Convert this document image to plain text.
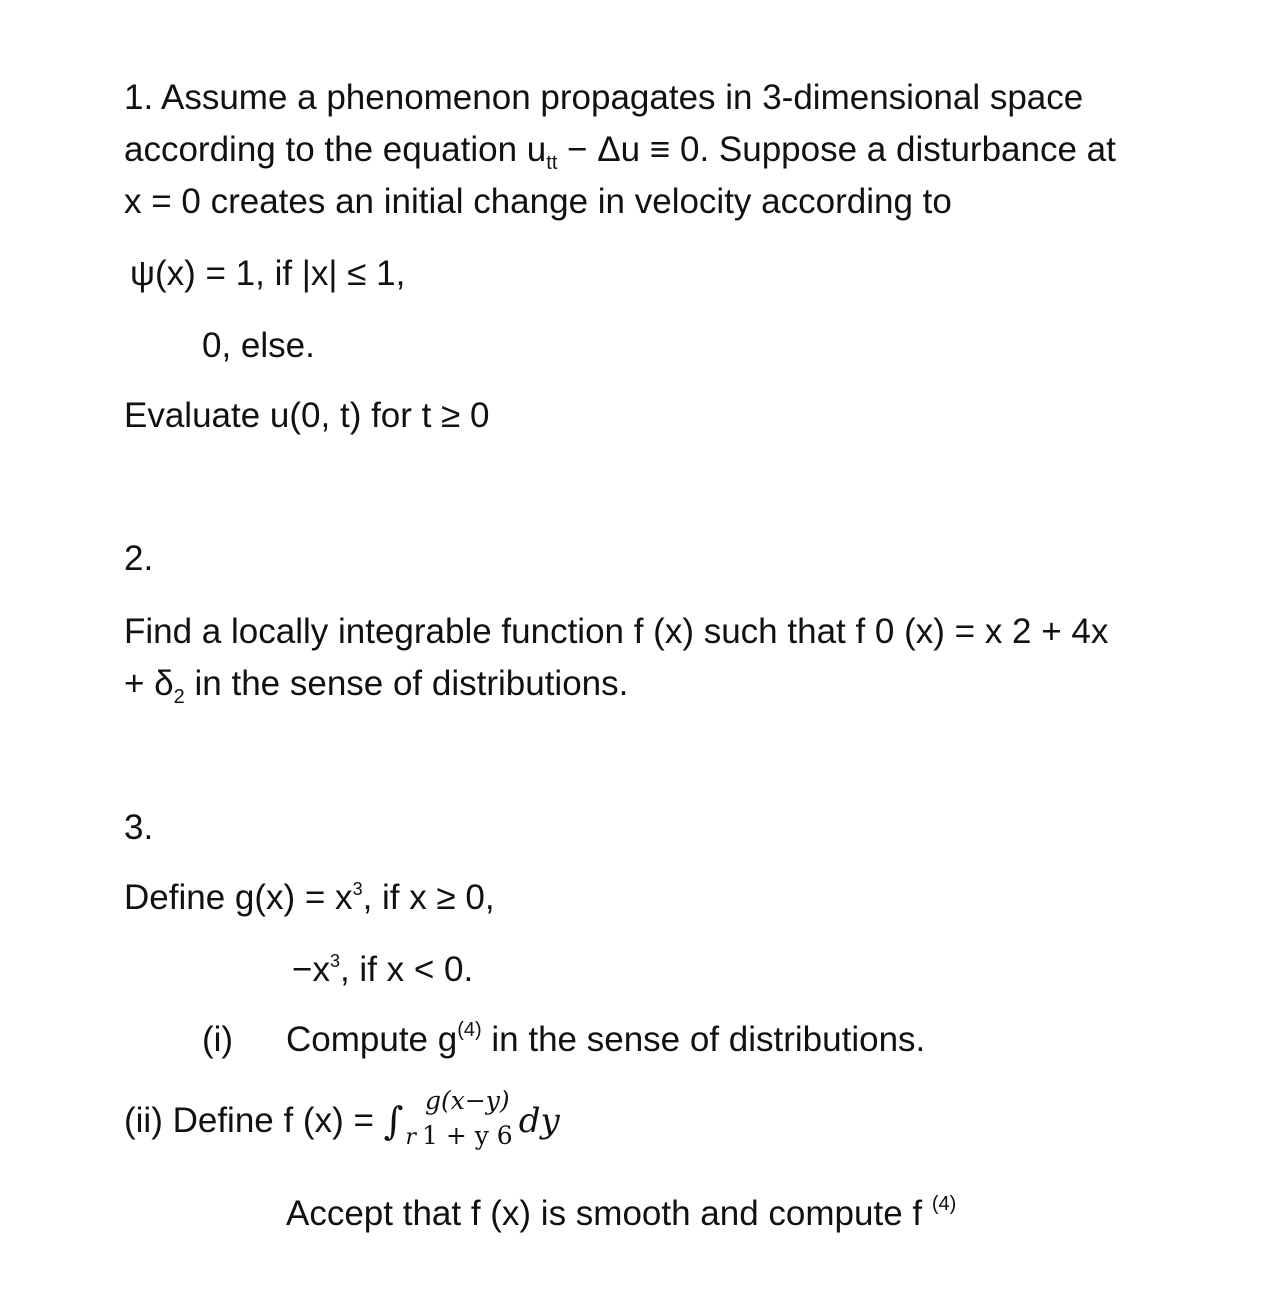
1. Assume a phenomenon propagates in 3-dimensional space
according to the equation $u_{tt} - \Delta u \equiv 0$. Suppose a disturbance at
x = 0 creates an initial change in velocity according to
ψ(x) = 1, if |x| ≤ 1,
0, else.
Evaluate u(0, t) for t ≥ 0
2.
Find a locally integrable function f (x) such that f 0 (x) = x 2 + 4x
+ $\delta_2$ in the sense of distributions.
3.
Define $g(x) = x^3$, if x ≥ 0,
$-x^3$, if x < 0.
(i) Compute $g^{(4)}$ in the sense of distributions.
(ii) Define f $(x) = \int_r$
g(x−y)
1 + y 6 dy
Accept that f (x) is smooth and compute f $^{(4)}$
